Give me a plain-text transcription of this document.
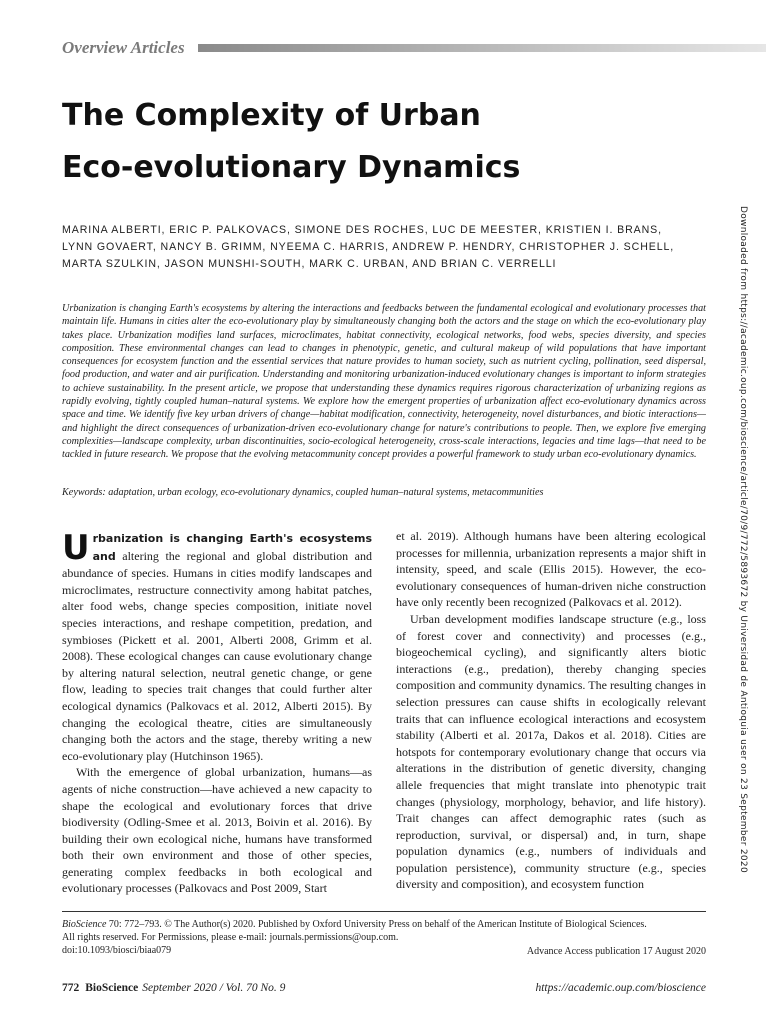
Overview Articles
The Complexity of Urban
Eco-evolutionary Dynamics
MARINA ALBERTI, ERIC P. PALKOVACS, SIMONE DES ROCHES, LUC DE MEESTER, KRISTIEN I. BRANS,
LYNN GOVAERT, NANCY B. GRIMM, NYEEMA C. HARRIS, ANDREW P. HENDRY, CHRISTOPHER J. SCHELL,
MARTA SZULKIN, JASON MUNSHI-SOUTH, MARK C. URBAN, AND BRIAN C. VERRELLI
Urbanization is changing Earth's ecosystems by altering the interactions and feedbacks between the fundamental ecological and evolutionary processes that maintain life. Humans in cities alter the eco-evolutionary play by simultaneously changing both the actors and the stage on which the eco-evolutionary play takes place. Urbanization modifies land surfaces, microclimates, habitat connectivity, ecological networks, food webs, species diversity, and species composition. These environmental changes can lead to changes in phenotypic, genetic, and cultural makeup of wild populations that have important consequences for ecosystem function and the essential services that nature provides to human society, such as nutrient cycling, pollination, seed dispersal, food production, and water and air purification. Understanding and monitoring urbanization-induced evolutionary changes is important to inform strategies to achieve sustainability. In the present article, we propose that understanding these dynamics requires rigorous characterization of urbanizing regions as rapidly evolving, tightly coupled human–natural systems. We explore how the emergent properties of urbanization affect eco-evolutionary dynamics across space and time. We identify five key urban drivers of change—habitat modification, connectivity, heterogeneity, novel disturbances, and biotic interactions—and highlight the direct consequences of urbanization-driven eco-evolutionary change for nature's contributions to people. Then, we explore five emerging complexities—landscape complexity, urban discontinuities, socio-ecological heterogeneity, cross-scale interactions, legacies and time lags—that need to be tackled in future research. We propose that the evolving metacommunity concept provides a powerful framework to study urban eco-evolutionary dynamics.
Keywords: adaptation, urban ecology, eco-evolutionary dynamics, coupled human–natural systems, metacommunities

Urbanization is changing Earth's ecosystems and altering the regional and global distribution and abundance of species. Humans in cities modify landscapes and microclimates, restructure connectivity among habitat patches, alter food webs, change species composition, initiate novel species interactions, and reshape competition, predation, and symbioses (Pickett et al. 2001, Alberti 2008, Grimm et al. 2008). These ecological changes can cause evolutionary change by altering natural selection, neutral genetic change, or gene flow, leading to species trait changes that could further alter ecological dynamics (Palkovacs et al. 2012, Alberti 2015). By changing the ecological theatre, cities are simultaneously changing both the actors and the stage, thereby writing a new eco-evolutionary play (Hutchinson 1965).

With the emergence of global urbanization, humans—as agents of niche construction—have achieved a new capacity to shape the ecological and evolutionary forces that drive biodiversity (Odling-Smee et al. 2013, Boivin et al. 2016). By building their own ecological niche, humans have transformed both their own environment and those of other species, generating complex feedbacks in both ecological and evolutionary processes (Palkovacs and Post 2009, Start

et al. 2019). Although humans have been altering ecological processes for millennia, urbanization represents a major shift in intensity, speed, and scale (Ellis 2015). However, the eco-evolutionary consequences of human-driven niche construction have only recently been recognized (Palkovacs et al. 2012).

Urban development modifies landscape structure (e.g., loss of forest cover and connectivity) and processes (e.g., biogeochemical cycling), and significantly alters biotic interactions (e.g., predation), thereby changing species composition and community dynamics. The resulting changes in selection pressures can cause shifts in ecologically relevant traits that can influence ecological interactions and ecosystem stability (Alberti et al. 2017a, Dakos et al. 2018). Cities are hotspots for contemporary evolutionary change that occurs via alterations in the distribution of genetic diversity, changing allele frequencies that might translate into phenotypic trait changes (physiology, morphology, behavior, and life history). Trait changes can affect demographic rates (such as reproduction, survival, or dispersal) and, in turn, shape population dynamics (e.g., numbers of individuals and population persistence), community structure (e.g., species diversity and composition), and ecosystem function

BioScience 70: 772–793. © The Author(s) 2020. Published by Oxford University Press on behalf of the American Institute of Biological Sciences.
All rights reserved. For Permissions, please e-mail: journals.permissions@oup.com.
doi:10.1093/biosci/biaa079	Advance Access publication 17 August 2020
772 BioScience September 2020 / Vol. 70 No. 9	https://academic.oup.com/bioscience
Downloaded from https://academic.oup.com/bioscience/article/70/9/772/5893672 by Universidad de Antioquia user on 23 September 2020
